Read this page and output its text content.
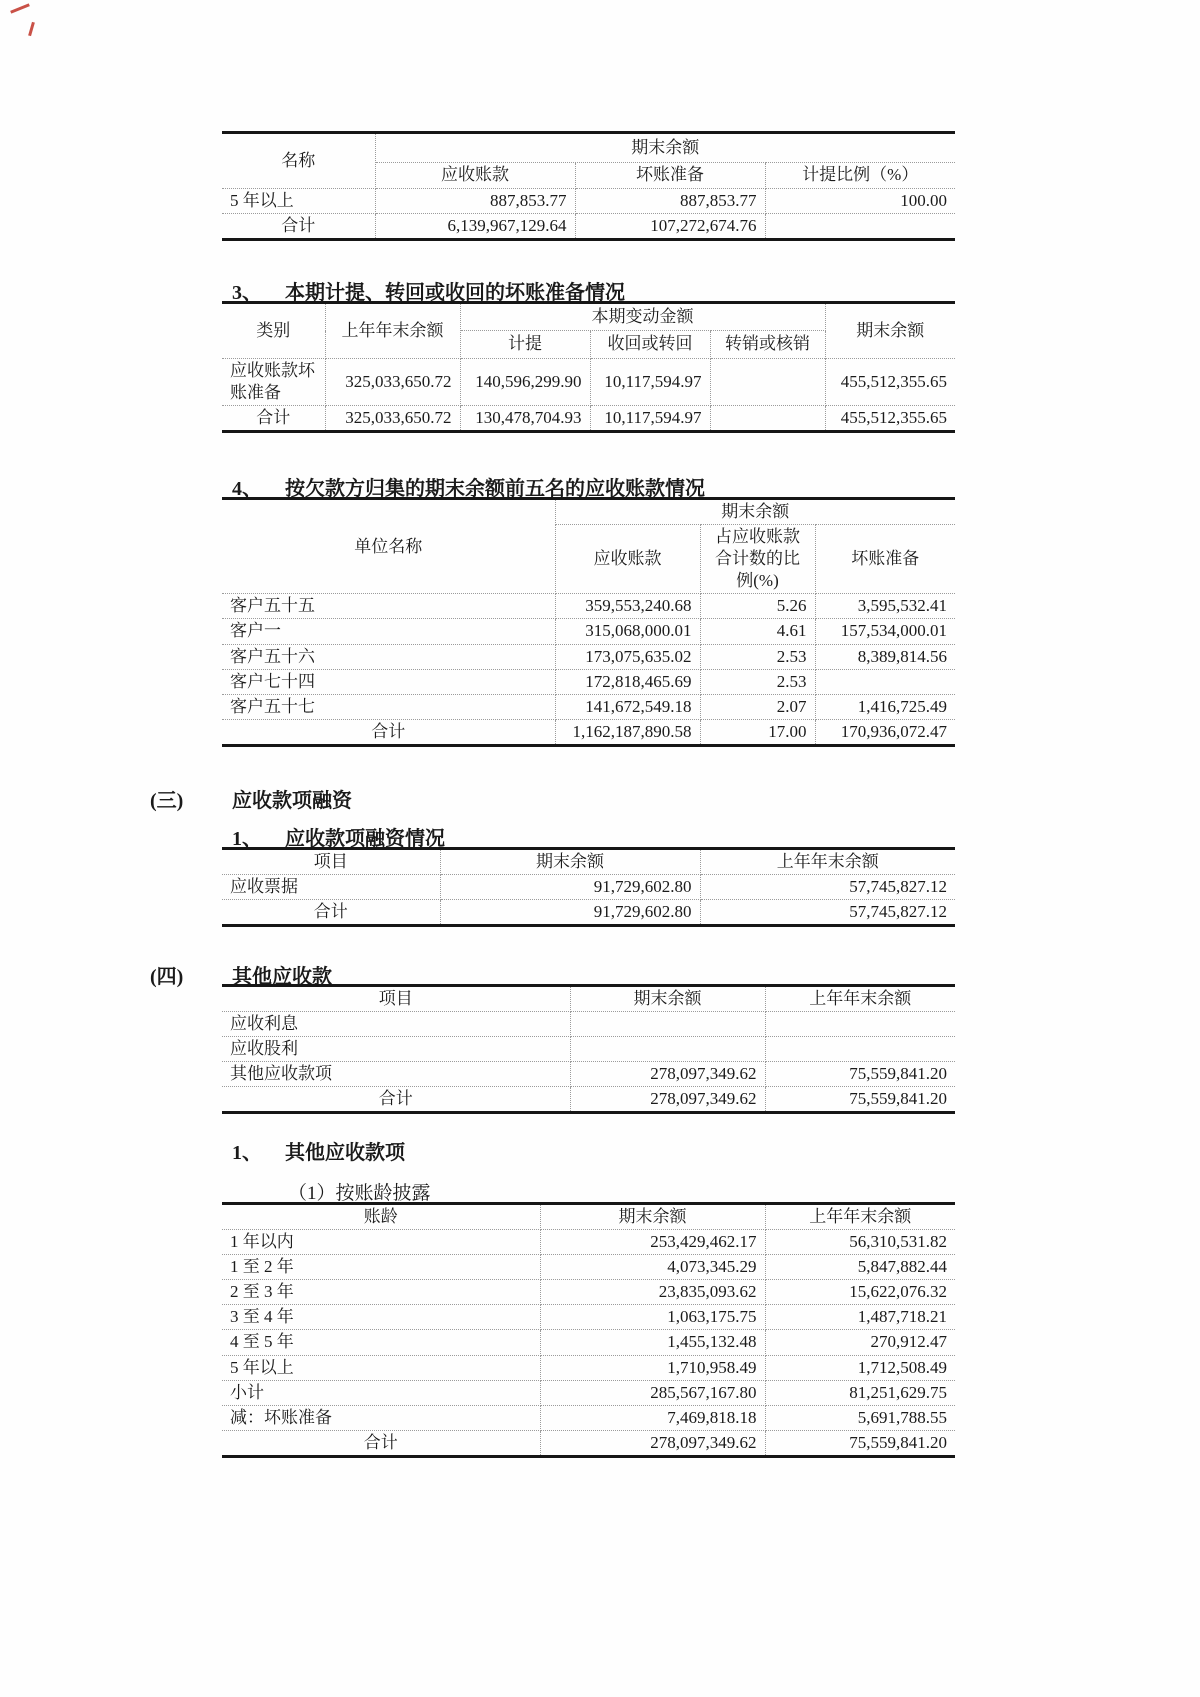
名称	期末余额		
	应收账款	坏账准备	计提比例（%）
5 年以上	887,853.77	887,853.77	100.00
合计	6,139,967,129.64	107,272,674.76	
3、 本期计提、转回或收回的坏账准备情况
类别	上年年末余额	本期变动金额			期末余额
		计提	收回或转回	转销或核销	
应收账款坏账准备	325,033,650.72	140,596,299.90	10,117,594.97		455,512,355.65
合计	325,033,650.72	130,478,704.93	10,117,594.97		455,512,355.65
4、 按欠款方归集的期末余额前五名的应收账款情况
单位名称	期末余额		
	应收账款	占应收账款合计数的比例(%)	坏账准备
客户五十五	359,553,240.68	5.26	3,595,532.41
客户一	315,068,000.01	4.61	157,534,000.01
客户五十六	173,075,635.02	2.53	8,389,814.56
客户七十四	172,818,465.69	2.53	
客户五十七	141,672,549.18	2.07	1,416,725.49
合计	1,162,187,890.58	17.00	170,936,072.47
(三) 应收款项融资
1、 应收款项融资情况
项目	期末余额	上年年末余额
应收票据	91,729,602.80	57,745,827.12
合计	91,729,602.80	57,745,827.12
(四) 其他应收款
项目	期末余额	上年年末余额
应收利息		
应收股利		
其他应收款项	278,097,349.62	75,559,841.20
合计	278,097,349.62	75,559,841.20
1、 其他应收款项
（1）按账龄披露
账龄	期末余额	上年年末余额
1 年以内	253,429,462.17	56,310,531.82
1 至 2 年	4,073,345.29	5,847,882.44
2 至 3 年	23,835,093.62	15,622,076.32
3 至 4 年	1,063,175.75	1,487,718.21
4 至 5 年	1,455,132.48	270,912.47
5 年以上	1,710,958.49	1,712,508.49
小计	285,567,167.80	81,251,629.75
减：坏账准备	7,469,818.18	5,691,788.55
合计	278,097,349.62	75,559,841.20
